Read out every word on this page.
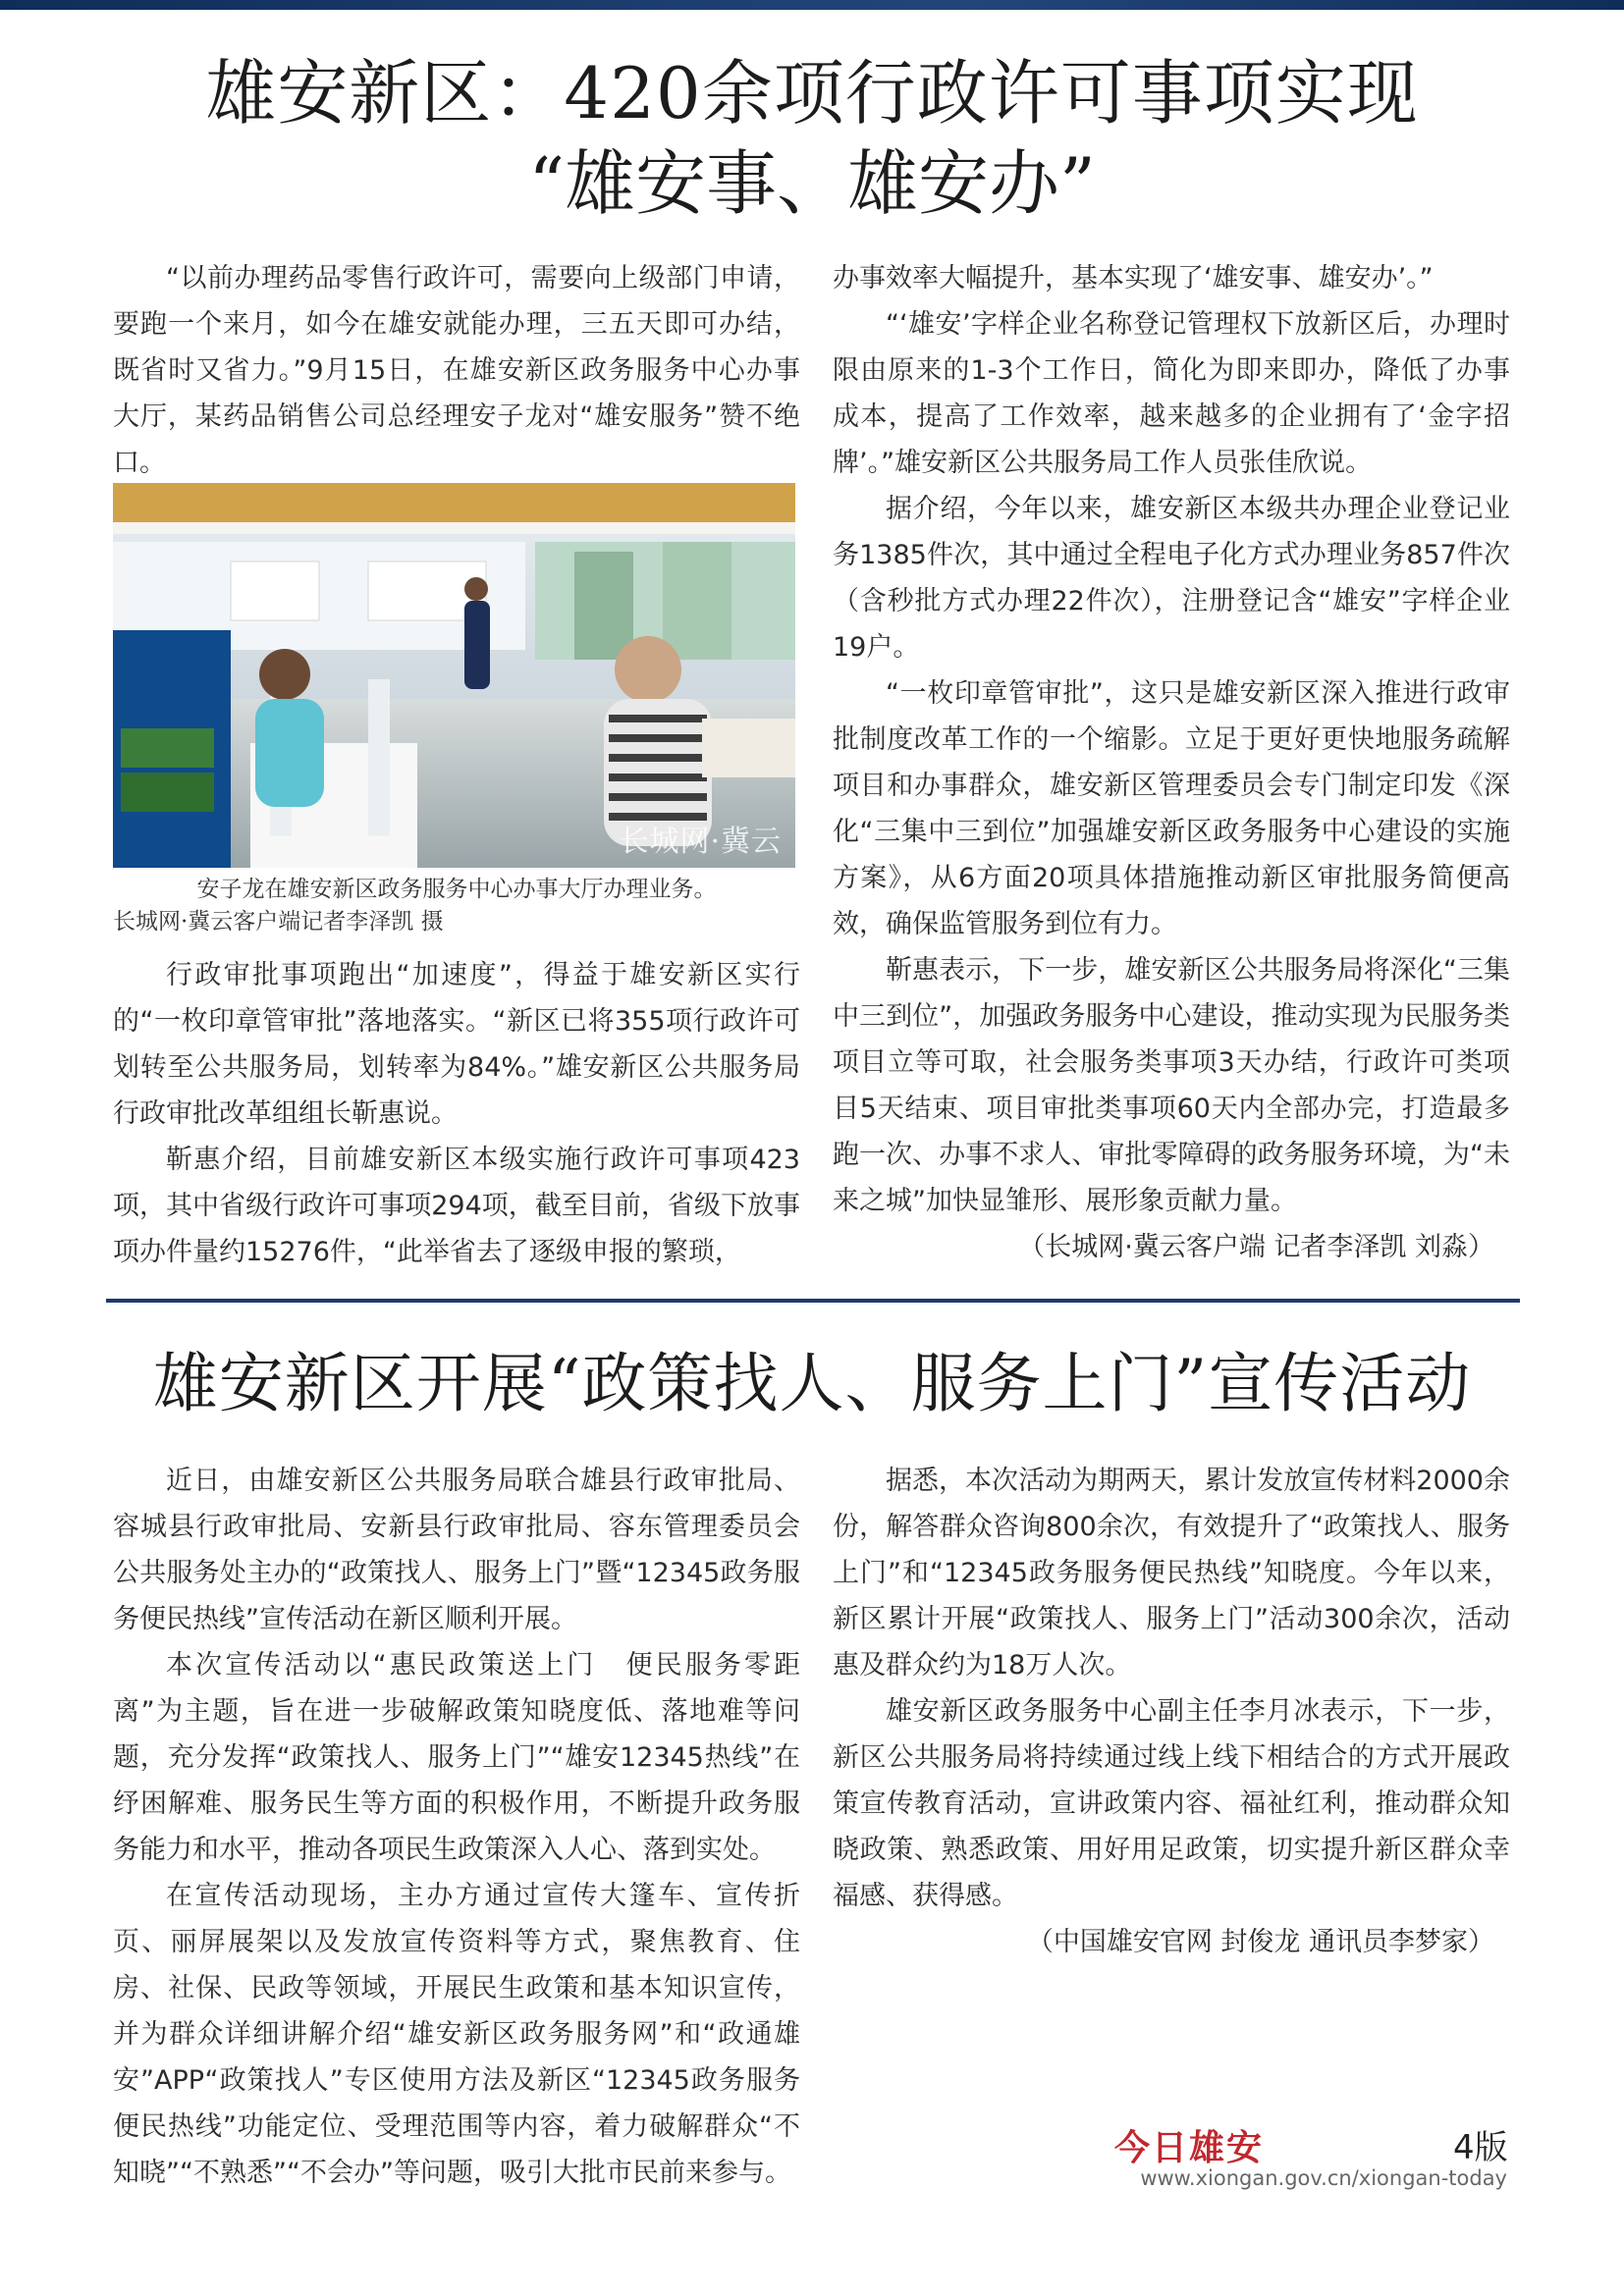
雄安新区：420余项行政许可事项实现
“雄安事、雄安办”

“以前办理药品零售行政许可，需要向上级部门申请，要跑一个来月，如今在雄安就能办理，三五天即可办结，既省时又省力。”9月15日，在雄安新区政务服务中心办事大厅，某药品销售公司总经理安子龙对“雄安服务”赞不绝口。

长城网·冀云
安子龙在雄安新区政务服务中心办事大厅办理业务。
长城网·冀云客户端记者李泽凯 摄

行政审批事项跑出“加速度”，得益于雄安新区实行的“一枚印章管审批”落地落实。“新区已将355项行政许可划转至公共服务局，划转率为84%。”雄安新区公共服务局行政审批改革组组长靳惠说。

靳惠介绍，目前雄安新区本级实施行政许可事项423项，其中省级行政许可事项294项，截至目前，省级下放事项办件量约15276件，“此举省去了逐级申报的繁琐，

办事效率大幅提升，基本实现了‘雄安事、雄安办’。”

“‘雄安’字样企业名称登记管理权下放新区后，办理时限由原来的1-3个工作日，简化为即来即办，降低了办事成本，提高了工作效率，越来越多的企业拥有了‘金字招牌’。”雄安新区公共服务局工作人员张佳欣说。

据介绍，今年以来，雄安新区本级共办理企业登记业务1385件次，其中通过全程电子化方式办理业务857件次（含秒批方式办理22件次），注册登记含“雄安”字样企业19户。

“一枚印章管审批”，这只是雄安新区深入推进行政审批制度改革工作的一个缩影。立足于更好更快地服务疏解项目和办事群众，雄安新区管理委员会专门制定印发《深化“三集中三到位”加强雄安新区政务服务中心建设的实施方案》，从6方面20项具体措施推动新区审批服务简便高效，确保监管服务到位有力。

靳惠表示，下一步，雄安新区公共服务局将深化“三集中三到位”，加强政务服务中心建设，推动实现为民服务类项目立等可取，社会服务类事项3天办结，行政许可类项目5天结束、项目审批类事项60天内全部办完，打造最多跑一次、办事不求人、审批零障碍的政务服务环境，为“未来之城”加快显雏形、展形象贡献力量。

（长城网·冀云客户端 记者李泽凯 刘淼）

雄安新区开展“政策找人、服务上门”宣传活动

近日，由雄安新区公共服务局联合雄县行政审批局、容城县行政审批局、安新县行政审批局、容东管理委员会公共服务处主办的“政策找人、服务上门”暨“12345政务服务便民热线”宣传活动在新区顺利开展。

本次宣传活动以“惠民政策送上门　便民服务零距离”为主题，旨在进一步破解政策知晓度低、落地难等问题，充分发挥“政策找人、服务上门”“雄安12345热线”在纾困解难、服务民生等方面的积极作用，不断提升政务服务能力和水平，推动各项民生政策深入人心、落到实处。

在宣传活动现场，主办方通过宣传大篷车、宣传折页、丽屏展架以及发放宣传资料等方式，聚焦教育、住房、社保、民政等领域，开展民生政策和基本知识宣传，并为群众详细讲解介绍“雄安新区政务服务网”和“政通雄安”APP“政策找人”专区使用方法及新区“12345政务服务便民热线”功能定位、受理范围等内容，着力破解群众“不知晓”“不熟悉”“不会办”等问题，吸引大批市民前来参与。

据悉，本次活动为期两天，累计发放宣传材料2000余份，解答群众咨询800余次，有效提升了“政策找人、服务上门”和“12345政务服务便民热线”知晓度。今年以来，新区累计开展“政策找人、服务上门”活动300余次，活动惠及群众约为18万人次。

雄安新区政务服务中心副主任李月冰表示，下一步，新区公共服务局将持续通过线上线下相结合的方式开展政策宣传教育活动，宣讲政策内容、福祉红利，推动群众知晓政策、熟悉政策、用好用足政策，切实提升新区群众幸福感、获得感。

（中国雄安官网 封俊龙 通讯员李梦家）

今日雄安	4版
www.xiongan.gov.cn/xiongan-today
